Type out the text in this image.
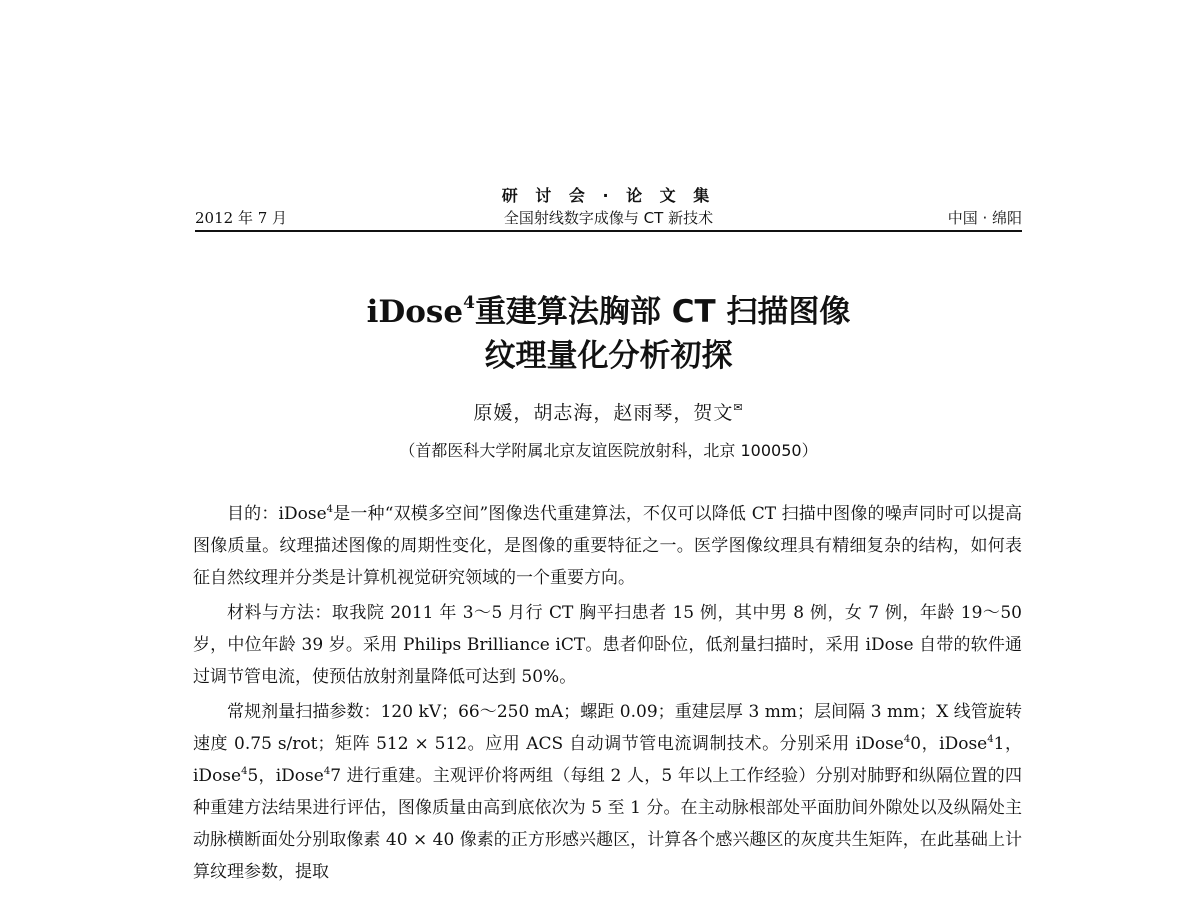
研 讨 会 · 论 文 集
2012 年 7 月	全国射线数字成像与 CT 新技术	中国 · 绵阳
iDose$^4$重建算法胸部 CT 扫描图像
纹理量化分析初探
原媛，胡志海，赵雨琴，贺文✉
（首都医科大学附属北京友谊医院放射科，北京 100050）

目的：iDose$^4$是一种“双模多空间”图像迭代重建算法，不仅可以降低 CT 扫描中图像的噪声同时可以提高图像质量。纹理描述图像的周期性变化，是图像的重要特征之一。医学图像纹理具有精细复杂的结构，如何表征自然纹理并分类是计算机视觉研究领域的一个重要方向。

材料与方法：取我院 2011 年 3～5 月行 CT 胸平扫患者 15 例，其中男 8 例，女 7 例，年龄 19～50 岁，中位年龄 39 岁。采用 Philips Brilliance iCT。患者仰卧位，低剂量扫描时，采用 iDose 自带的软件通过调节管电流，使预估放射剂量降低可达到 50%。

常规剂量扫描参数：120 kV；66～250 mA；螺距 0.09；重建层厚 3 mm；层间隔 3 mm；X 线管旋转速度 0.75 s/rot；矩阵 512 × 512。应用 ACS 自动调节管电流调制技术。分别采用 iDose$^4$0，iDose$^4$1，iDose$^4$5，iDose$^4$7 进行重建。主观评价将两组（每组 2 人，5 年以上工作经验）分别对肺野和纵隔位置的四种重建方法结果进行评估，图像质量由高到底依次为 5 至 1 分。在主动脉根部处平面肋间外隙处以及纵隔处主动脉横断面处分别取像素 40 × 40 像素的正方形感兴趣区，计算各个感兴趣区的灰度共生矩阵，在此基础上计算纹理参数，提取
